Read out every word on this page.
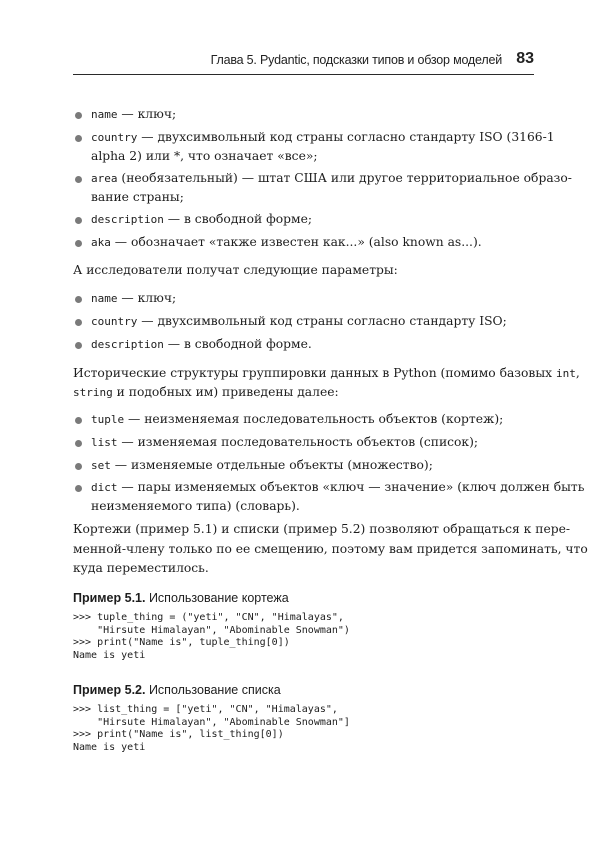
Глава 5. Pydantic, подсказки типов и обзор моделей 83
name — ключ;
country — двухсимвольный код страны согласно стандарту ISO (3166-1
alpha 2) или *, что означает «все»;
area (необязательный) — штат США или другое территориальное образо-
вание страны;
description — в свободной форме;
aka — обозначает «также известен как...» (also known as...).
А исследователи получат следующие параметры:
name — ключ;
country — двухсимвольный код страны согласно стандарту ISO;
description — в свободной форме.
Исторические структуры группировки данных в Python (помимо базовых int,
string и подобных им) приведены далее:
tuple — неизменяемая последовательность объектов (кортеж);
list — изменяемая последовательность объектов (список);
set — изменяемые отдельные объекты (множество);
dict — пары изменяемых объектов «ключ — значение» (ключ должен быть
неизменяемого типа) (словарь).
Кортежи (пример 5.1) и списки (пример 5.2) позволяют обращаться к пере-
менной-члену только по ее смещению, поэтому вам придется запоминать, что
куда переместилось.
Пример 5.1. Использование кортежа
>>> tuple_thing = ("yeti", "CN", "Himalayas",
"Hirsute Himalayan", "Abominable Snowman")
>>> print("Name is", tuple_thing[0])
Name is yeti
Пример 5.2. Использование списка
>>> list_thing = ["yeti", "CN", "Himalayas",
"Hirsute Himalayan", "Abominable Snowman"]
>>> print("Name is", list_thing[0])
Name is yeti
